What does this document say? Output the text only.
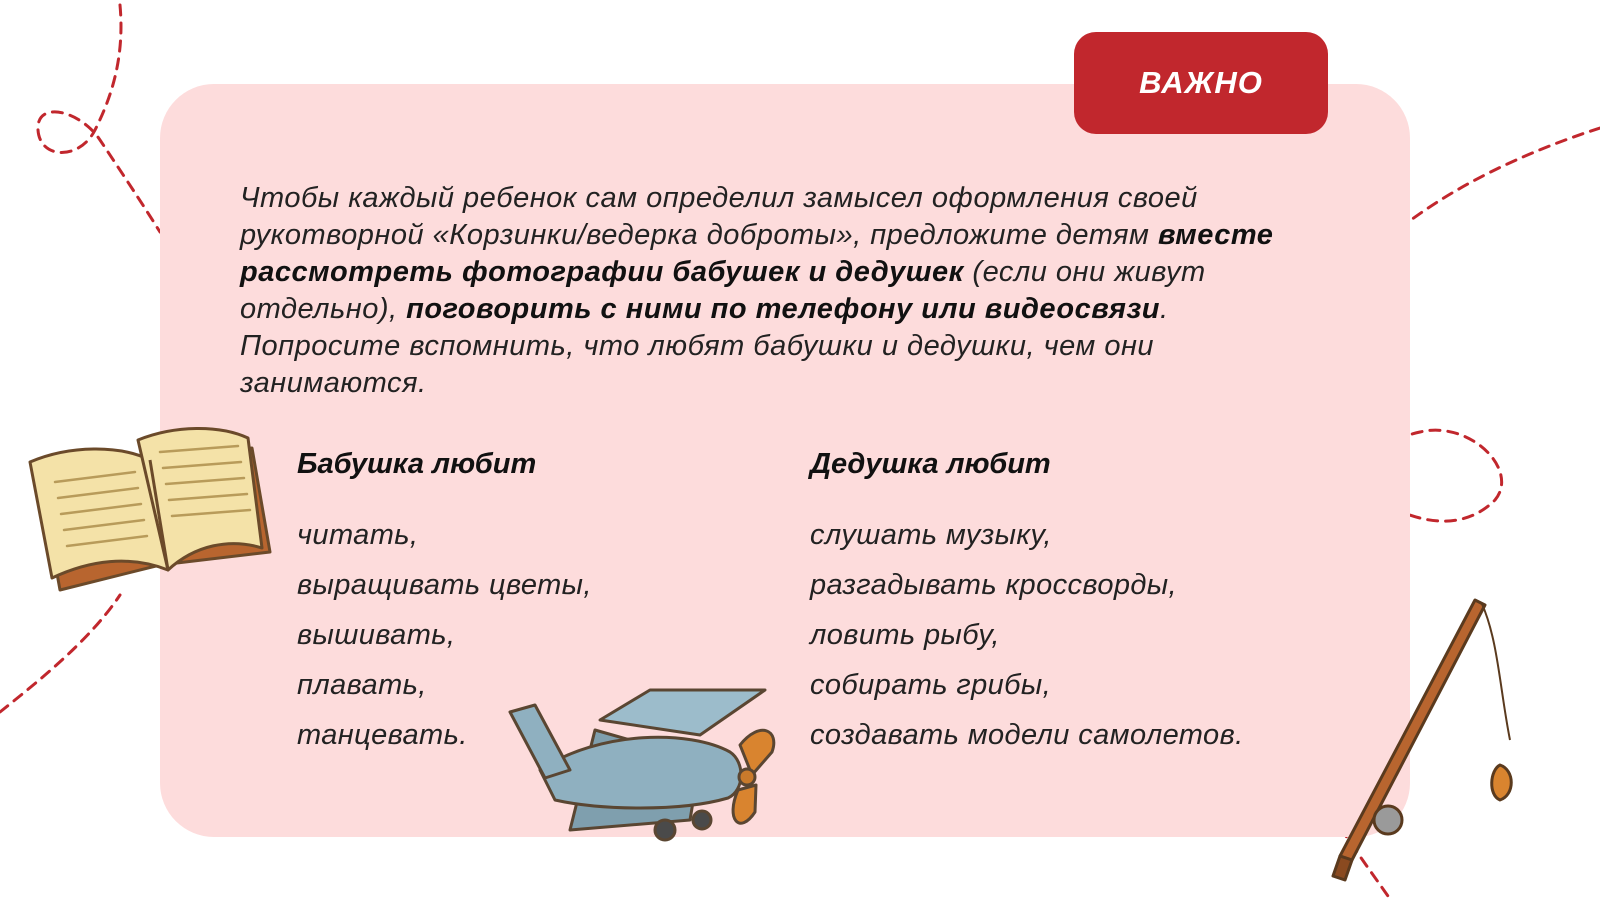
ВАЖНО

Чтобы каждый ребенок сам определил замысел оформления своей рукотворной «Корзинки/ведерка доброты», предложите детям вместе рассмотреть фотографии бабушек и дедушек (если они живут отдельно), поговорить с ними по телефону или видеосвязи. Попросите вспомнить, что любят бабушки и дедушки, чем они занимаются.

Бабушка любит
читать,
выращивать цветы,
вышивать,
плавать,
танцевать.
Дедушка любит
слушать музыку,
разгадывать кроссворды,
ловить рыбу,
собирать грибы,
создавать модели самолетов.
